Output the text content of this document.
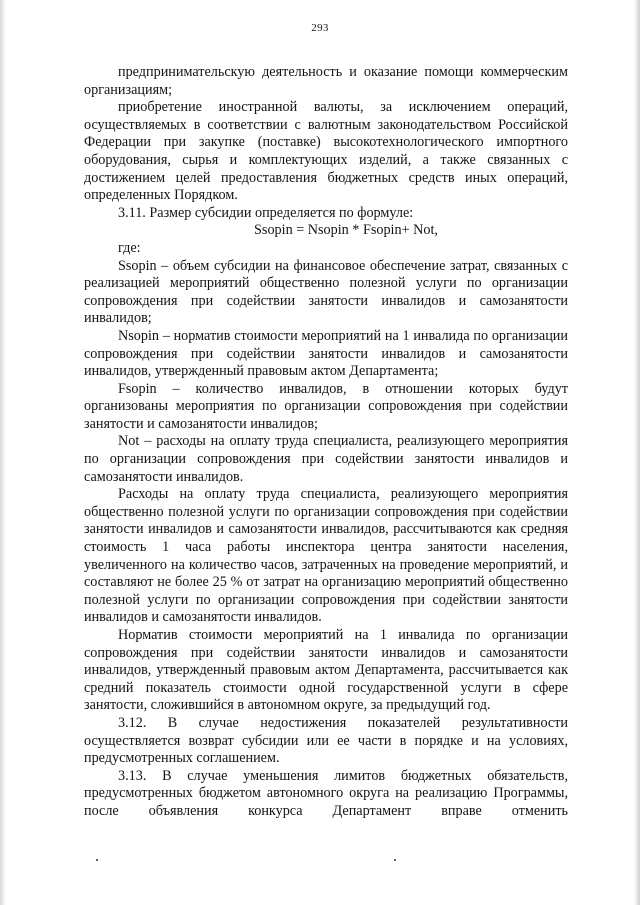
293

предпринимательскую деятельность и оказание помощи коммерческим организациям;

приобретение иностранной валюты, за исключением операций, осуществляемых в соответствии с валютным законодательством Российской Федерации при закупке (поставке) высокотехнологического импортного оборудования, сырья и комплектующих изделий, а также связанных с достижением целей предоставления бюджетных средств иных операций, определенных Порядком.

3.11. Размер субсидии определяется по формуле:

Ssopin = Nsopin * Fsopin+ Not,

где:

Ssopin – объем субсидии на финансовое обеспечение затрат, связанных с реализацией мероприятий общественно полезной услуги по организации сопровождения при содействии занятости инвалидов и самозанятости инвалидов;

Nsopin – норматив стоимости мероприятий на 1 инвалида по организации сопровождения при содействии занятости инвалидов и самозанятости инвалидов, утвержденный правовым актом Департамента;

Fsopin – количество инвалидов, в отношении которых будут организованы мероприятия по организации сопровождения при содействии занятости и самозанятости инвалидов;

Not – расходы на оплату труда специалиста, реализующего мероприятия по организации сопровождения при содействии занятости инвалидов и самозанятости инвалидов.

Расходы на оплату труда специалиста, реализующего мероприятия общественно полезной услуги по организации сопровождения при содействии занятости инвалидов и самозанятости инвалидов, рассчитываются как средняя стоимость 1 часа работы инспектора центра занятости населения, увеличенного на количество часов, затраченных на проведение мероприятий, и составляют не более 25 % от затрат на организацию мероприятий общественно полезной услуги по организации сопровождения при содействии занятости инвалидов и самозанятости инвалидов.

Норматив стоимости мероприятий на 1 инвалида по организации сопровождения при содействии занятости инвалидов и самозанятости инвалидов, утвержденный правовым актом Департамента, рассчитывается как средний показатель стоимости одной государственной услуги в сфере занятости, сложившийся в автономном округе, за предыдущий год.

3.12. В случае недостижения показателей результативности осуществляется возврат субсидии или ее части в порядке и на условиях, предусмотренных соглашением.

3.13. В случае уменьшения лимитов бюджетных обязательств, предусмотренных бюджетом автономного округа на реализацию Программы, после объявления конкурса Департамент вправе отменить
